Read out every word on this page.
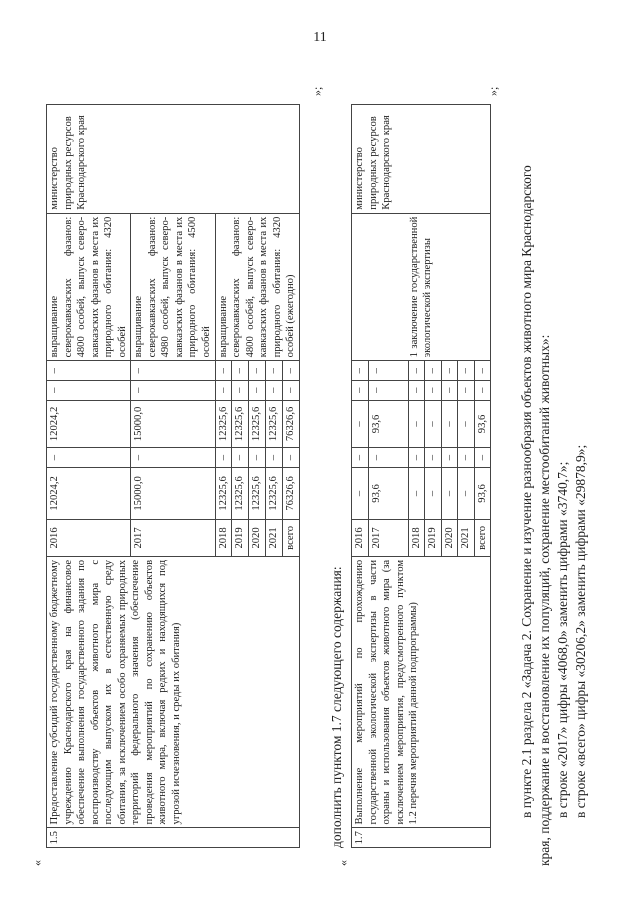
11
«
»;
1.5	Предоставление субсидий государственному бюджетному учреждению Краснодарского края на финансовое обеспечение выполнения государственного задания по воспроизводству объектов животного мира с последующим выпуском их в естественную среду обитания, за исключением особо охраняемых природных территорий федерального значения (обеспечение проведения мероприятий по сохранению объектов животного мира, включая редких и находящихся под угрозой исчезновения, и среды их обитания)	2016	12024,2	–	12024,2	–	–	выращивание северокавказских фазанов: 4800 особей, выпуск северо-кавказских фазанов в места их природного обитания: 4320 особей	министерство природных ресурсов Краснодарского края
		2017	15000,0	–	15000,0	–	–	выращивание северокавказских фазанов: 4980 особей, выпуск северо-кавказских фазанов в места их природного обитания: 4500 особей	
		2018	12325,6	–	12325,6	–	–	выращивание северокавказских фазанов: 4800 особей, выпуск северо-кавказских фазанов в места их природного обитания: 4320 особей (ежегодно)	
		2019	12325,6	–	12325,6	–	–		
		2020	12325,6	–	12325,6	–	–		
		2021	12325,6	–	12325,6	–	–		
		всего	76326,6	–	76326,6	–	–		
дополнить пунктом 1.7 следующего содержания:
«
»;
1.7	Выполнение мероприятий по прохождению государственной экологической экспертизы в части охраны и использования объектов животного мира (за исключением мероприятия, предусмотренного пунктом 1.2 перечня мероприятий данной подпрограммы)	2016	–	–	–	–	–	1 заключение государственной экологической экспертизы	министерство природных ресурсов Краснодарского края
		2017	93,6	–	93,6	–	–		
		2018	–	–	–	–	–		
		2019	–	–	–	–	–		
		2020	–	–	–	–	–		
		2021	–	–	–	–	–		
		всего	93,6	–	93,6	–	–		в пункте 2.1 раздела 2 «Задача 2. Сохранение и изучение разнообразия объектов животного мира Краснодарского края, поддержание и восстановление их популяций, сохранение местообитаний животных»: в строке «2017» цифры «4068,0» заменить цифрами «3740,7»; в строке «всего» цифры «30206,2» заменить цифрами «29878,9»;
